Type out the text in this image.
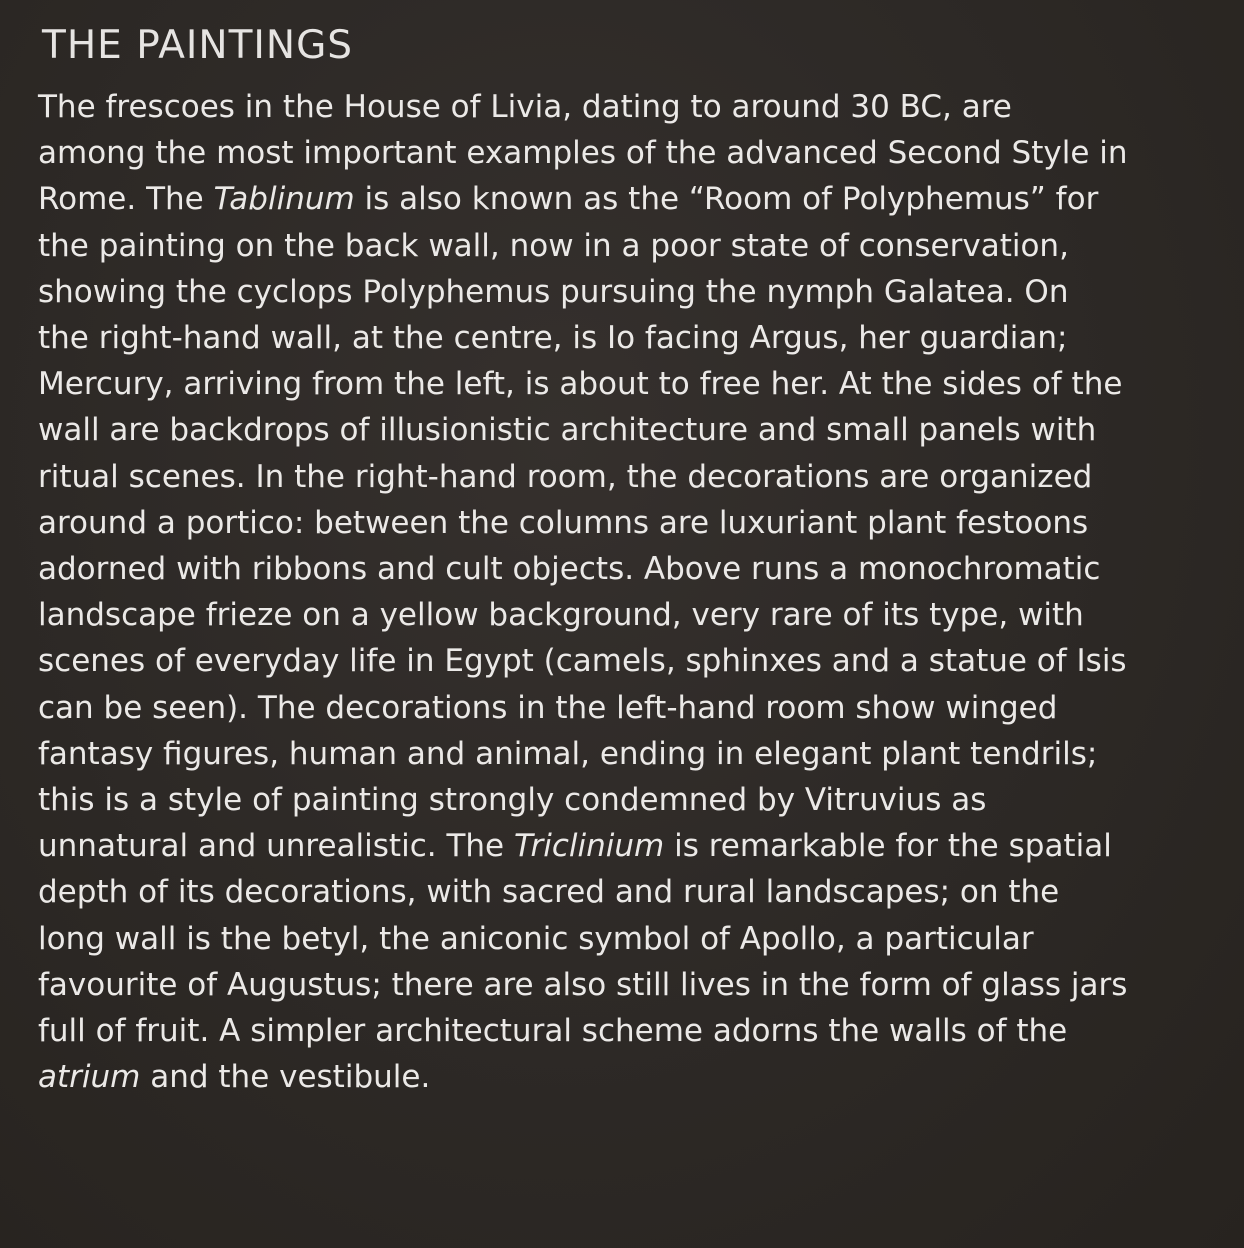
THE PAINTINGS
The frescoes in the House of Livia, dating to around 30 BC, are
among the most important examples of the advanced Second Style in
Rome. The Tablinum is also known as the “Room of Polyphemus” for
the painting on the back wall, now in a poor state of conservation,
showing the cyclops Polyphemus pursuing the nymph Galatea. On
the right-hand wall, at the centre, is Io facing Argus, her guardian;
Mercury, arriving from the left, is about to free her. At the sides of the
wall are backdrops of illusionistic architecture and small panels with
ritual scenes. In the right-hand room, the decorations are organized
around a portico: between the columns are luxuriant plant festoons
adorned with ribbons and cult objects. Above runs a monochromatic
landscape frieze on a yellow background, very rare of its type, with
scenes of everyday life in Egypt (camels, sphinxes and a statue of Isis
can be seen). The decorations in the left-hand room show winged
fantasy figures, human and animal, ending in elegant plant tendrils;
this is a style of painting strongly condemned by Vitruvius as
unnatural and unrealistic. The Triclinium is remarkable for the spatial
depth of its decorations, with sacred and rural landscapes; on the
long wall is the betyl, the aniconic symbol of Apollo, a particular
favourite of Augustus; there are also still lives in the form of glass jars
full of fruit. A simpler architectural scheme adorns the walls of the
atrium and the vestibule.
